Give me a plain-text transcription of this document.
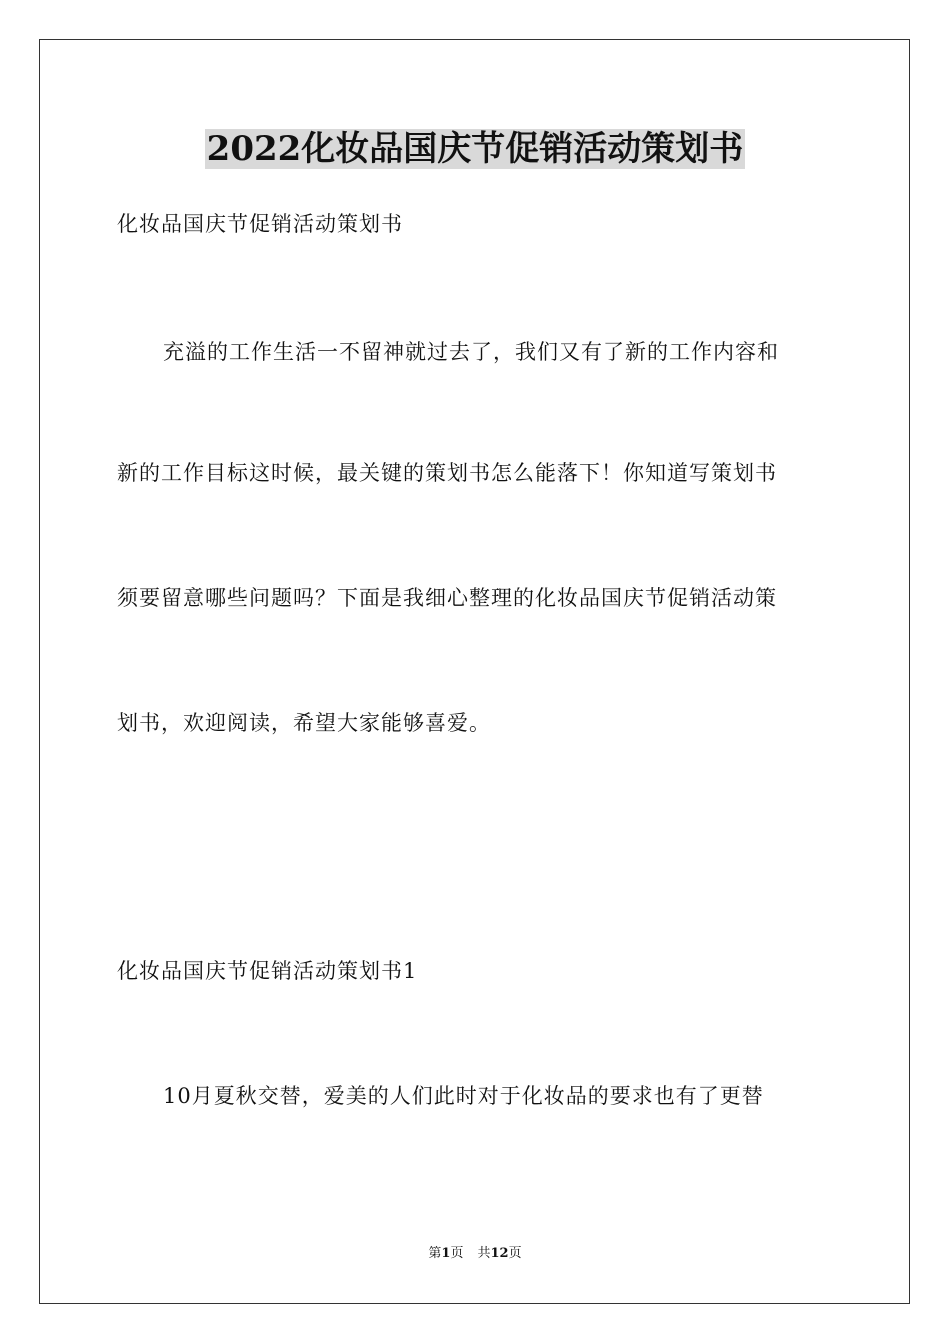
2022化妆品国庆节促销活动策划书
化妆品国庆节促销活动策划书
充溢的工作生活一不留神就过去了，我们又有了新的工作内容和
新的工作目标这时候，最关键的策划书怎么能落下！你知道写策划书
须要留意哪些问题吗？下面是我细心整理的化妆品国庆节促销活动策
划书，欢迎阅读，希望大家能够喜爱。
化妆品国庆节促销活动策划书1
10月夏秋交替，爱美的人们此时对于化妆品的要求也有了更替
第1页 共12页
